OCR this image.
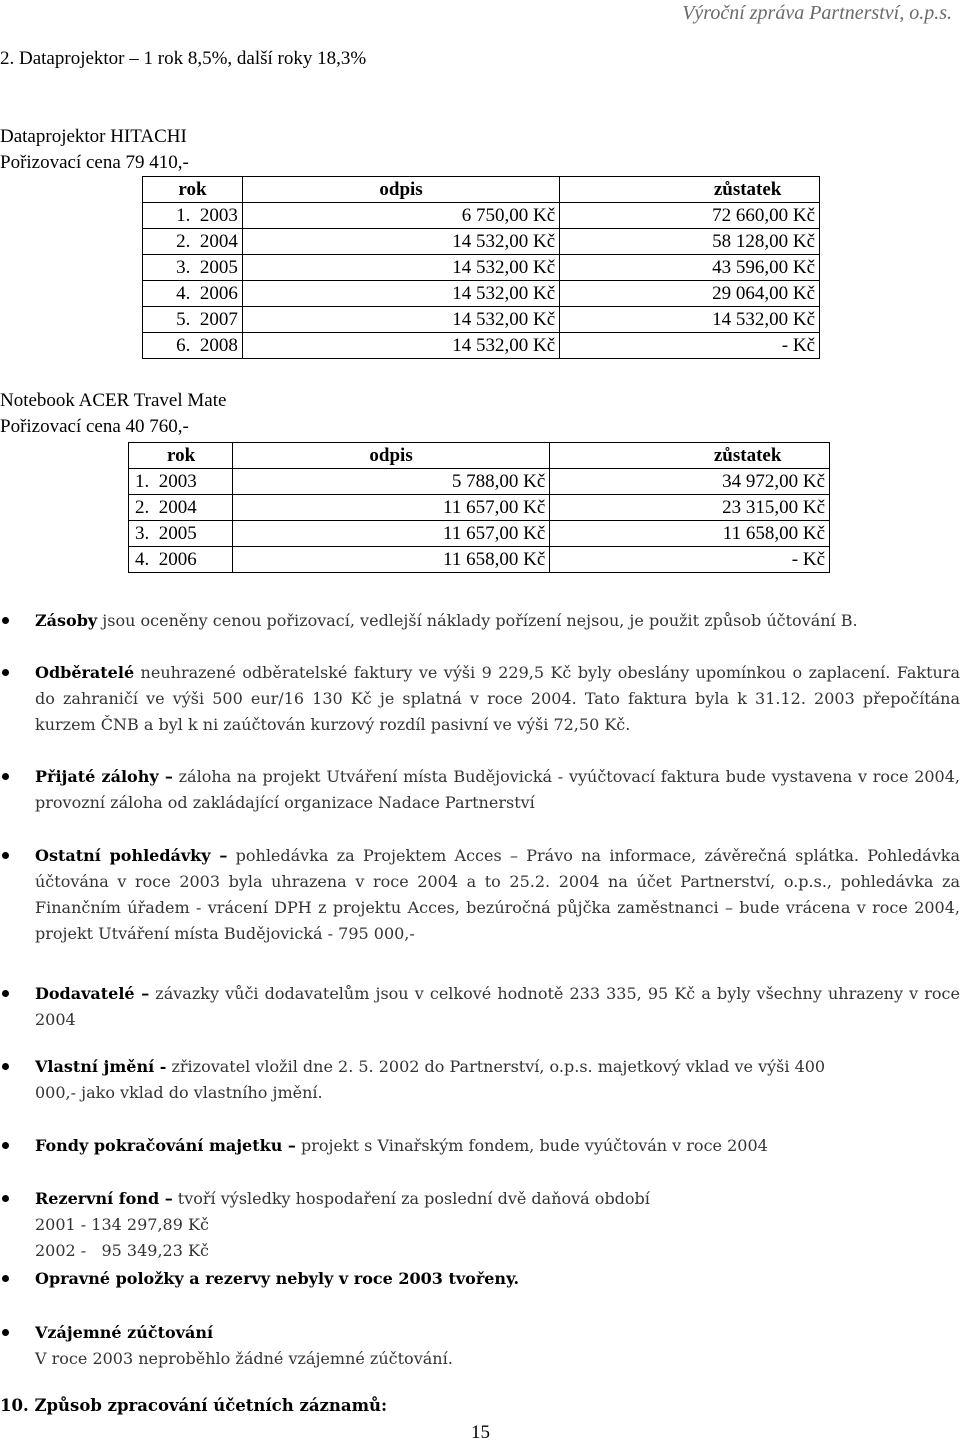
Výroční zpráva Partnerství, o.p.s.
2. Dataprojektor – 1 rok 8,5%, další roky 18,3%
Dataprojektor HITACHI
Pořizovací cena 79 410,-
rok	odpis	zůstatek
1. 2003	6 750,00 Kč	72 660,00 Kč
2. 2004	14 532,00 Kč	58 128,00 Kč
3. 2005	14 532,00 Kč	43 596,00 Kč
4. 2006	14 532,00 Kč	29 064,00 Kč
5. 2007	14 532,00 Kč	14 532,00 Kč
6. 2008	14 532,00 Kč	- Kč
Notebook ACER Travel Mate
Pořizovací cena 40 760,-
rok	odpis	zůstatek
1. 2003	5 788,00 Kč	34 972,00 Kč
2. 2004	11 657,00 Kč	23 315,00 Kč
3. 2005	11 657,00 Kč	11 658,00 Kč
4. 2006	11 658,00 Kč	- Kč
Zásoby jsou oceněny cenou pořizovací, vedlejší náklady pořízení nejsou, je použit způsob účtování B.
Odběratelé neuhrazené odběratelské faktury ve výši 9 229,5 Kč byly obeslány upomínkou o zaplacení. Faktura do zahraničí ve výši 500 eur/16 130 Kč je splatná v roce 2004. Tato faktura byla k 31.12. 2003 přepočítána kurzem ČNB a byl k ni zaúčtován kurzový rozdíl pasivní ve výši 72,50 Kč.
Přijaté zálohy – záloha na projekt Utváření místa Budějovická - vyúčtovací faktura bude vystavena v roce 2004, provozní záloha od zakládající organizace Nadace Partnerství
Ostatní pohledávky – pohledávka za Projektem Acces – Právo na informace, závěrečná splátka. Pohledávka účtována v roce 2003 byla uhrazena v roce 2004 a to 25.2. 2004 na účet Partnerství, o.p.s., pohledávka za Finančním úřadem - vrácení DPH z projektu Acces, bezúročná půjčka zaměstnanci – bude vrácena v roce 2004, projekt Utváření místa Budějovická - 795 000,-
Dodavatelé – závazky vůči dodavatelům jsou v celkové hodnotě 233 335, 95 Kč a byly všechny uhrazeny v roce 2004
Vlastní jmění - zřizovatel vložil dne 2. 5. 2002 do Partnerství, o.p.s. majetkový vklad ve výši 400 000,- jako vklad do vlastního jmění.
Fondy pokračování majetku – projekt s Vinařským fondem, bude vyúčtován v roce 2004
Rezervní fond – tvoří výsledky hospodaření za poslední dvě daňová období
2001 - 134 297,89 Kč
2002 -   95 349,23 Kč
Opravné položky a rezervy nebyly v roce 2003 tvořeny.
Vzájemné zúčtování
V roce 2003 neproběhlo žádné vzájemné zúčtování.
10. Způsob zpracování účetních záznamů:
15
